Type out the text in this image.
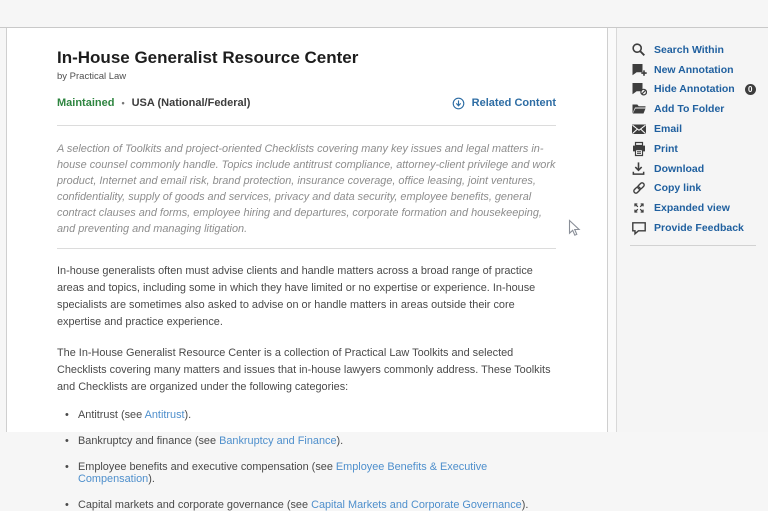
In-House Generalist Resource Center
by Practical Law
Maintained • USA (National/Federal)	Related Content

A selection of Toolkits and project-oriented Checklists covering many key issues and legal matters in-house counsel commonly handle. Topics include antitrust compliance, attorney-client privilege and work product, Internet and email risk, brand protection, insurance coverage, office leasing, joint ventures, confidentiality, supply of goods and services, privacy and data security, employee benefits, general contract clauses and forms, employee hiring and departures, corporate formation and housekeeping, and preventing and managing litigation.

In-house generalists often must advise clients and handle matters across a broad range of practice areas and topics, including some in which they have limited or no expertise or experience. In-house specialists are sometimes also asked to advise on or handle matters in areas outside their core expertise and practice experience.

The In-House Generalist Resource Center is a collection of Practical Law Toolkits and selected Checklists covering many matters and issues that in-house lawyers commonly address. These Toolkits and Checklists are organized under the following categories:

• Antitrust (see Antitrust).
• Bankruptcy and finance (see Bankruptcy and Finance).
• Employee benefits and executive compensation (see Employee Benefits & Executive Compensation).
• Capital markets and corporate governance (see Capital Markets and Corporate Governance).
Search Within
New Annotation
Hide Annotation	0
Add To Folder
Email
Print
Download
Copy link
Expanded view
Provide Feedback
